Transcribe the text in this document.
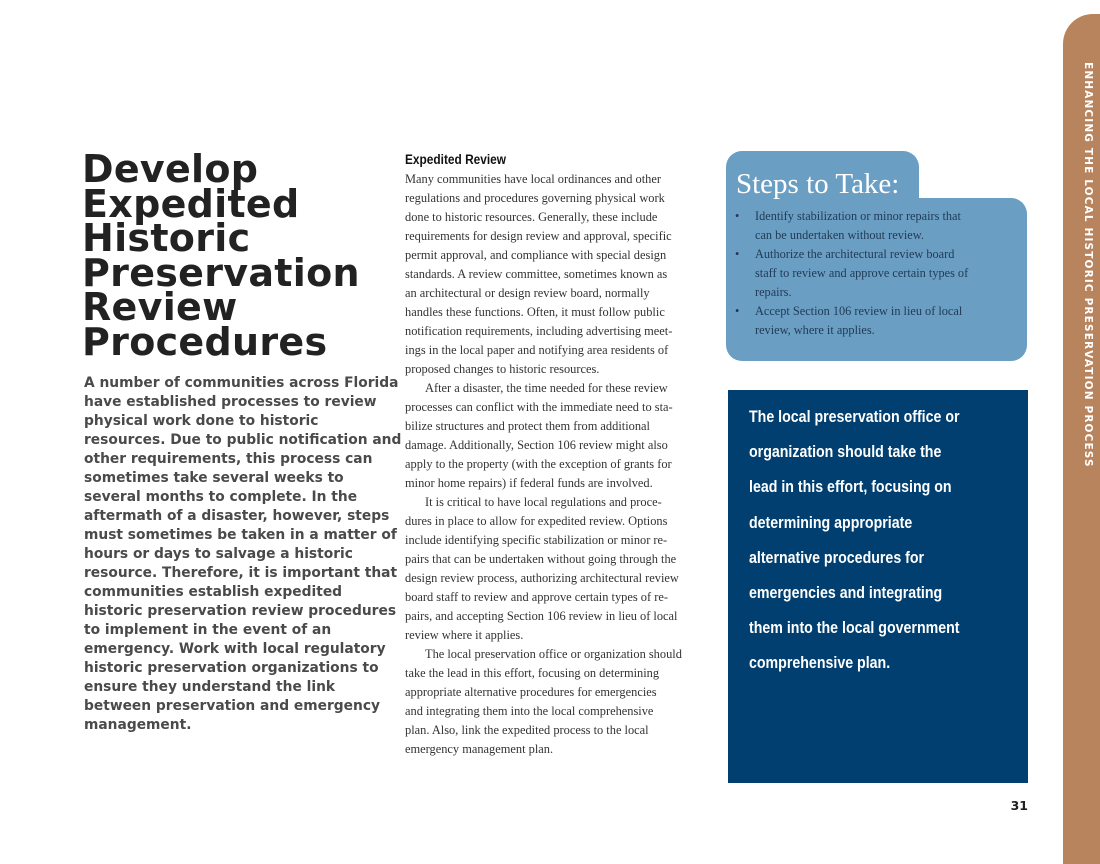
Develop
Expedited
Historic
Preservation
Review
Procedures

A number of communities across Florida
have established processes to review
physical work done to historic
resources. Due to public notification and
other requirements, this process can
sometimes take several weeks to
several months to complete. In the
aftermath of a disaster, however, steps
must sometimes be taken in a matter of
hours or days to salvage a historic
resource. Therefore, it is important that
communities establish expedited
historic preservation review procedures
to implement in the event of an
emergency. Work with local regulatory
historic preservation organizations to
ensure they understand the link
between preservation and emergency
management.

Expedited Review

Many communities have local ordinances and other
regulations and procedures governing physical work
done to historic resources. Generally, these include
requirements for design review and approval, specific
permit approval, and compliance with special design
standards. A review committee, sometimes known as
an architectural or design review board, normally
handles these functions. Often, it must follow public
notification requirements, including advertising meet-
ings in the local paper and notifying area residents of
proposed changes to historic resources.

After a disaster, the time needed for these review
processes can conflict with the immediate need to sta-
bilize structures and protect them from additional
damage. Additionally, Section 106 review might also
apply to the property (with the exception of grants for
minor home repairs) if federal funds are involved.

It is critical to have local regulations and proce-
dures in place to allow for expedited review. Options
include identifying specific stabilization or minor re-
pairs that can be undertaken without going through the
design review process, authorizing architectural review
board staff to review and approve certain types of re-
pairs, and accepting Section 106 review in lieu of local
review where it applies.

The local preservation office or organization should
take the lead in this effort, focusing on determining
appropriate alternative procedures for emergencies
and integrating them into the local comprehensive
plan. Also, link the expedited process to the local
emergency management plan.

Steps to Take:
• Identify stabilization or minor repairs that
can be undertaken without review.
• Authorize the architectural review board
staff to review and approve certain types of
repairs.
• Accept Section 106 review in lieu of local
review, where it applies.

The local preservation office or
organization should take the
lead in this effort, focusing on
determining appropriate
alternative procedures for
emergencies and integrating
them into the local government
comprehensive plan.

ENHANCING THE LOCAL HISTORIC PRESERVATION PROCESS
31
